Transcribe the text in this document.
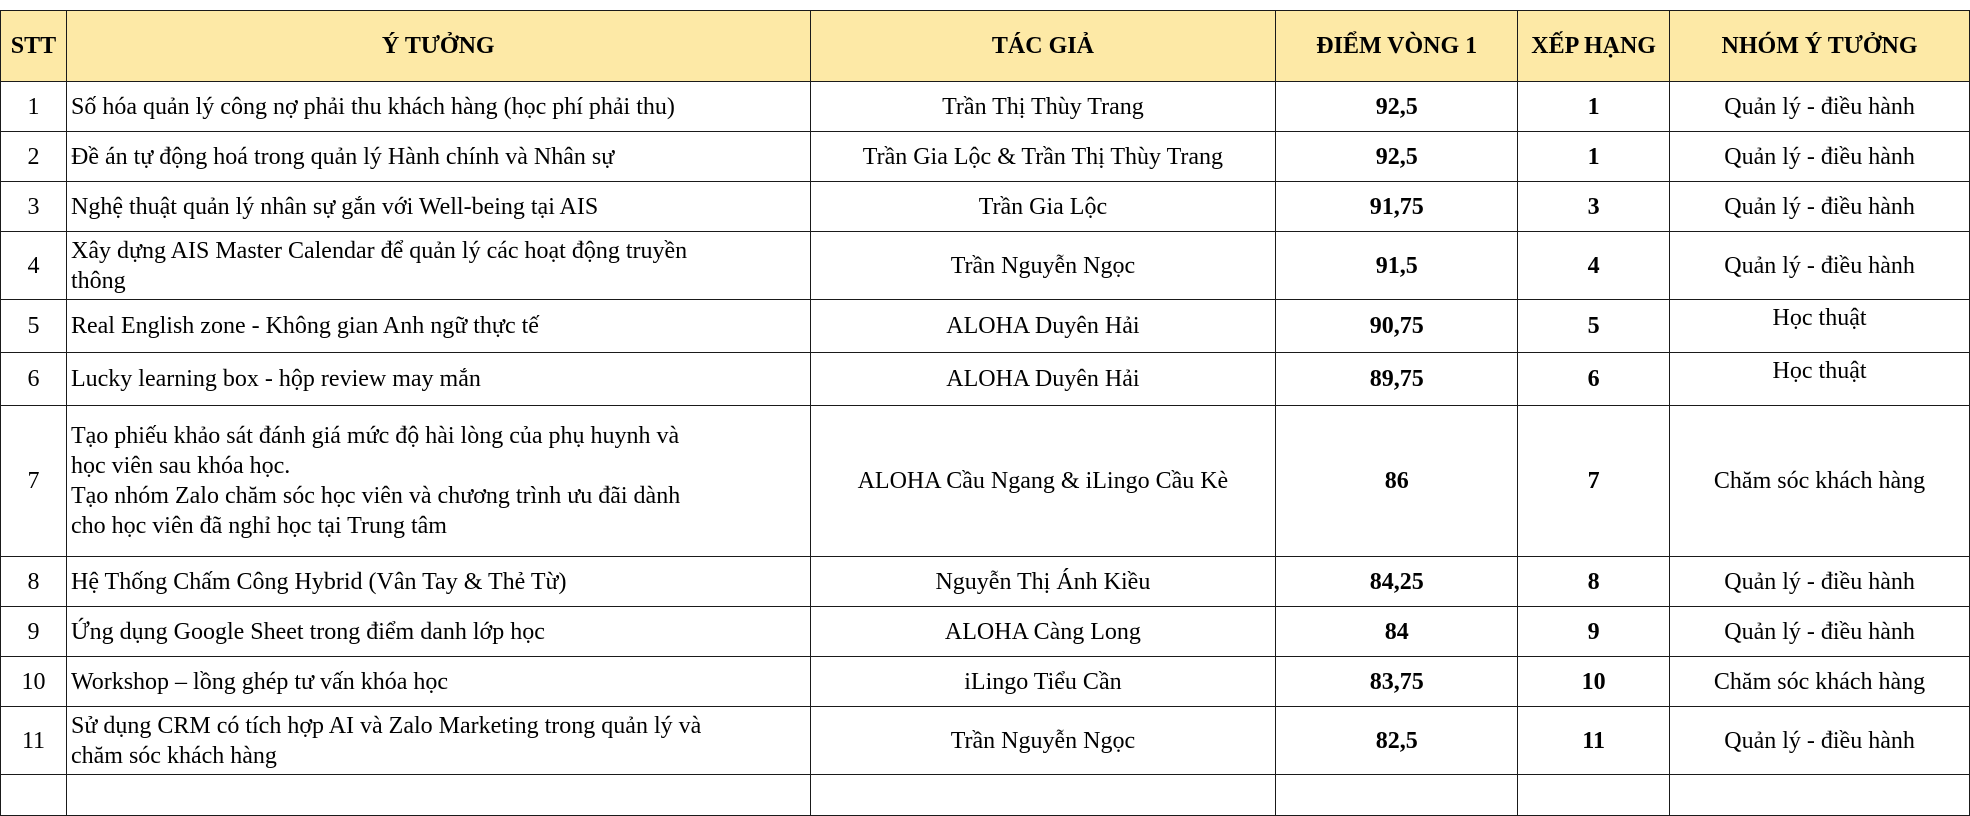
STT	Ý TƯỞNG	TÁC GIẢ	ĐIỂM VÒNG 1	XẾP HẠNG	NHÓM Ý TƯỞNG
1	Số hóa quản lý công nợ phải thu khách hàng (học phí phải thu)	Trần Thị Thùy Trang	92,5	1	Quản lý - điều hành
2	Đề án tự động hoá trong quản lý Hành chính và Nhân sự	Trần Gia Lộc & Trần Thị Thùy Trang	92,5	1	Quản lý - điều hành
3	Nghệ thuật quản lý nhân sự gắn với Well-being tại AIS	Trần Gia Lộc	91,75	3	Quản lý - điều hành
4	Xây dựng AIS Master Calendar để quản lý các hoạt động truyền
thông	Trần Nguyễn Ngọc	91,5	4	Quản lý - điều hành
5	Real English zone - Không gian Anh ngữ thực tế	ALOHA Duyên Hải	90,75	5	Học thuật
6	Lucky learning box - hộp review may mắn	ALOHA Duyên Hải	89,75	6	Học thuật
7	Tạo phiếu khảo sát đánh giá mức độ hài lòng của phụ huynh và
học viên sau khóa học.
Tạo nhóm Zalo chăm sóc học viên và chương trình ưu đãi dành
cho học viên đã nghỉ học tại Trung tâm	ALOHA Cầu Ngang & iLingo Cầu Kè	86	7	Chăm sóc khách hàng
8	Hệ Thống Chấm Công Hybrid (Vân Tay & Thẻ Từ)	Nguyễn Thị Ánh Kiều	84,25	8	Quản lý - điều hành
9	Ứng dụng Google Sheet trong điểm danh lớp học	ALOHA Càng Long	84	9	Quản lý - điều hành
10	Workshop – lồng ghép tư vấn khóa học	iLingo Tiểu Cần	83,75	10	Chăm sóc khách hàng
11	Sử dụng CRM có tích hợp AI và Zalo Marketing trong quản lý và
chăm sóc khách hàng	Trần Nguyễn Ngọc	82,5	11	Quản lý - điều hành
